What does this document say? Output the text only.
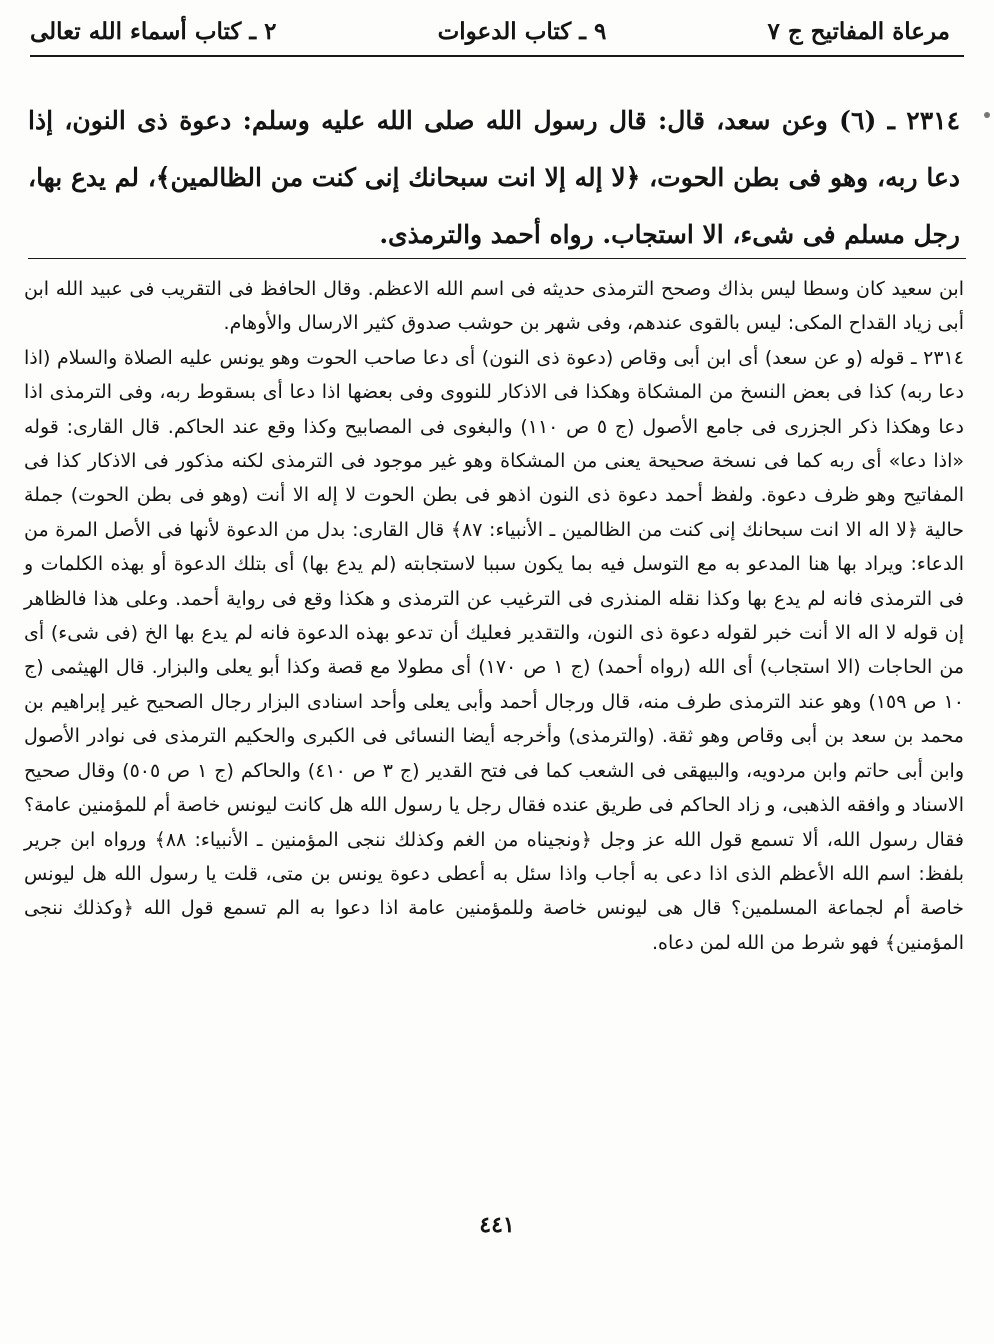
مرعاة المفاتيح ج ٧
٩ ـ كتاب الدعوات
٢ ـ كتاب أسماء الله تعالى

٢٣١٤ ـ (٦) وعن سعد، قال: قال رسول الله صلى الله عليه وسلم: دعوة ذى النون، إذا دعا ربه، وهو فى بطن الحوت، ﴿لا إله إلا انت سبحانك إنى كنت من الظالمين﴾، لم يدع بها، رجل مسلم فى شىء، الا استجاب. رواه أحمد والترمذى.

ابن سعيد كان وسطا ليس بذاك وصحح الترمذى حديثه فى اسم الله الاعظم. وقال الحافظ فى التقريب فى عبيد الله ابن أبى زياد القداح المكى: ليس بالقوى عندهم، وفى شهر بن حوشب صدوق كثير الارسال والأوهام.

٢٣١٤ ـ قوله (و عن سعد) أى ابن أبى وقاص (دعوة ذى النون) أى دعا صاحب الحوت وهو يونس عليه الصلاة والسلام (اذا دعا ربه) كذا فى بعض النسخ من المشكاة وهكذا فى الاذكار للنووى وفى بعضها اذا دعا أى بسقوط ربه، وفى الترمذى اذا دعا وهكذا ذكر الجزرى فى جامع الأصول (ج ٥ ص ١١٠) والبغوى فى المصابيح وكذا وقع عند الحاكم. قال القارى: قوله «اذا دعا» أى ربه كما فى نسخة صحيحة يعنى من المشكاة وهو غير موجود فى الترمذى لكنه مذكور فى الاذكار كذا فى المفاتيح وهو ظرف دعوة. ولفظ أحمد دعوة ذى النون اذهو فى بطن الحوت لا إله الا أنت (وهو فى بطن الحوت) جملة حالية ﴿لا اله الا انت سبحانك إنى كنت من الظالمين ـ الأنبياء: ٨٧﴾ قال القارى: بدل من الدعوة لأنها فى الأصل المرة من الدعاء: ويراد بها هنا المدعو به مع التوسل فيه بما يكون سببا لاستجابته (لم يدع بها) أى بتلك الدعوة أو بهذه الكلمات و فى الترمذى فانه لم يدع بها وكذا نقله المنذرى فى الترغيب عن الترمذى و هكذا وقع فى رواية أحمد. وعلى هذا فالظاهر إن قوله لا اله الا أنت خبر لقوله دعوة ذى النون، والتقدير فعليك أن تدعو بهذه الدعوة فانه لم يدع بها الخ (فى شىء) أى من الحاجات (الا استجاب) أى الله (رواه أحمد) (ج ١ ص ١٧٠) أى مطولا مع قصة وكذا أبو يعلى والبزار. قال الهيثمى (ج ١٠ ص ١٥٩) وهو عند الترمذى طرف منه، قال ورجال أحمد وأبى يعلى وأحد اسنادى البزار رجال الصحيح غير إبراهيم بن محمد بن سعد بن أبى وقاص وهو ثقة. (والترمذى) وأخرجه أيضا النسائى فى الكبرى والحكيم الترمذى فى نوادر الأصول وابن أبى حاتم وابن مردويه، والبيهقى فى الشعب كما فى فتح القدير (ج ٣ ص ٤١٠) والحاكم (ج ١ ص ٥٠٥) وقال صحيح الاسناد و وافقه الذهبى، و زاد الحاكم فى طريق عنده فقال رجل يا رسول الله هل كانت ليونس خاصة أم للمؤمنين عامة؟ فقال رسول الله، ألا تسمع قول الله عز وجل ﴿ونجيناه من الغم وكذلك ننجى المؤمنين ـ الأنبياء: ٨٨﴾ ورواه ابن جرير بلفظ: اسم الله الأعظم الذى اذا دعى به أجاب واذا سئل به أعطى دعوة يونس بن متى، قلت يا رسول الله هل ليونس خاصة أم لجماعة المسلمين؟ قال هى ليونس خاصة وللمؤمنين عامة اذا دعوا به الم تسمع قول الله ﴿وكذلك ننجى المؤمنين﴾ فهو شرط من الله لمن دعاه.

٤٤١
